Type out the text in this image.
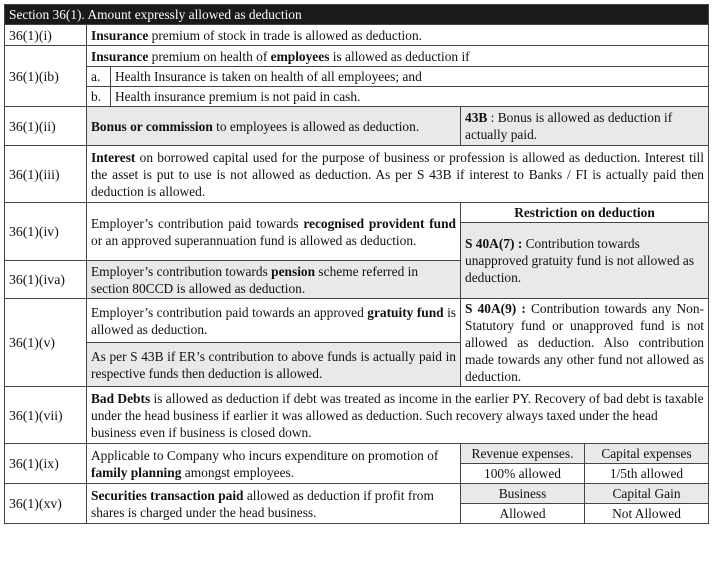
Section 36(1). Amount expressly allowed as deduction				
36(1)(i)	Insurance premium of stock in trade is allowed as deduction.			
36(1)(ib)	Insurance premium on health of employees is allowed as deduction if			
	a.	Health Insurance is taken on health of all employees; and		
	b.	Health insurance premium is not paid in cash.		
36(1)(ii)	Bonus or commission to employees is allowed as deduction.		43B : Bonus is allowed as deduction if actually paid.	
36(1)(iii)	Interest on borrowed capital used for the purpose of business or profession is allowed as deduction. Interest till the asset is put to use is not allowed as deduction. As per S 43B if interest to Banks / FI is actually paid then deduction is allowed.			
36(1)(iv)	Employer’s contribution paid towards recognised provident fund or an approved superannuation fund is allowed as deduction.		Restriction on deduction	
			S 40A(7) : Contribution towards unapproved gratuity fund is not allowed as deduction.	
36(1)(iva)	Employer’s contribution towards pension scheme referred in section 80CCD is allowed as deduction.			
36(1)(v)	Employer’s contribution paid towards an approved gratuity fund is allowed as deduction.		S 40A(9) : Contribution towards any Non-Statutory fund or unapproved fund is not allowed as deduction. Also contribution made towards any other fund not allowed as deduction.	
	As per S 43B if ER’s contribution to above funds is actually paid in respective funds then deduction is allowed.			
36(1)(vii)	Bad Debts is allowed as deduction if debt was treated as income in the earlier PY. Recovery of bad debt is taxable under the head business if earlier it was allowed as deduction. Such recovery always taxed under the head business even if business is closed down.			
36(1)(ix)	Applicable to Company who incurs expenditure on promotion of family planning amongst employees.		Revenue expenses.	Capital expenses
			100% allowed	1/5th allowed
36(1)(xv)	Securities transaction paid allowed as deduction if profit from shares is charged under the head business.		Business	Capital Gain
			Allowed	Not Allowed
